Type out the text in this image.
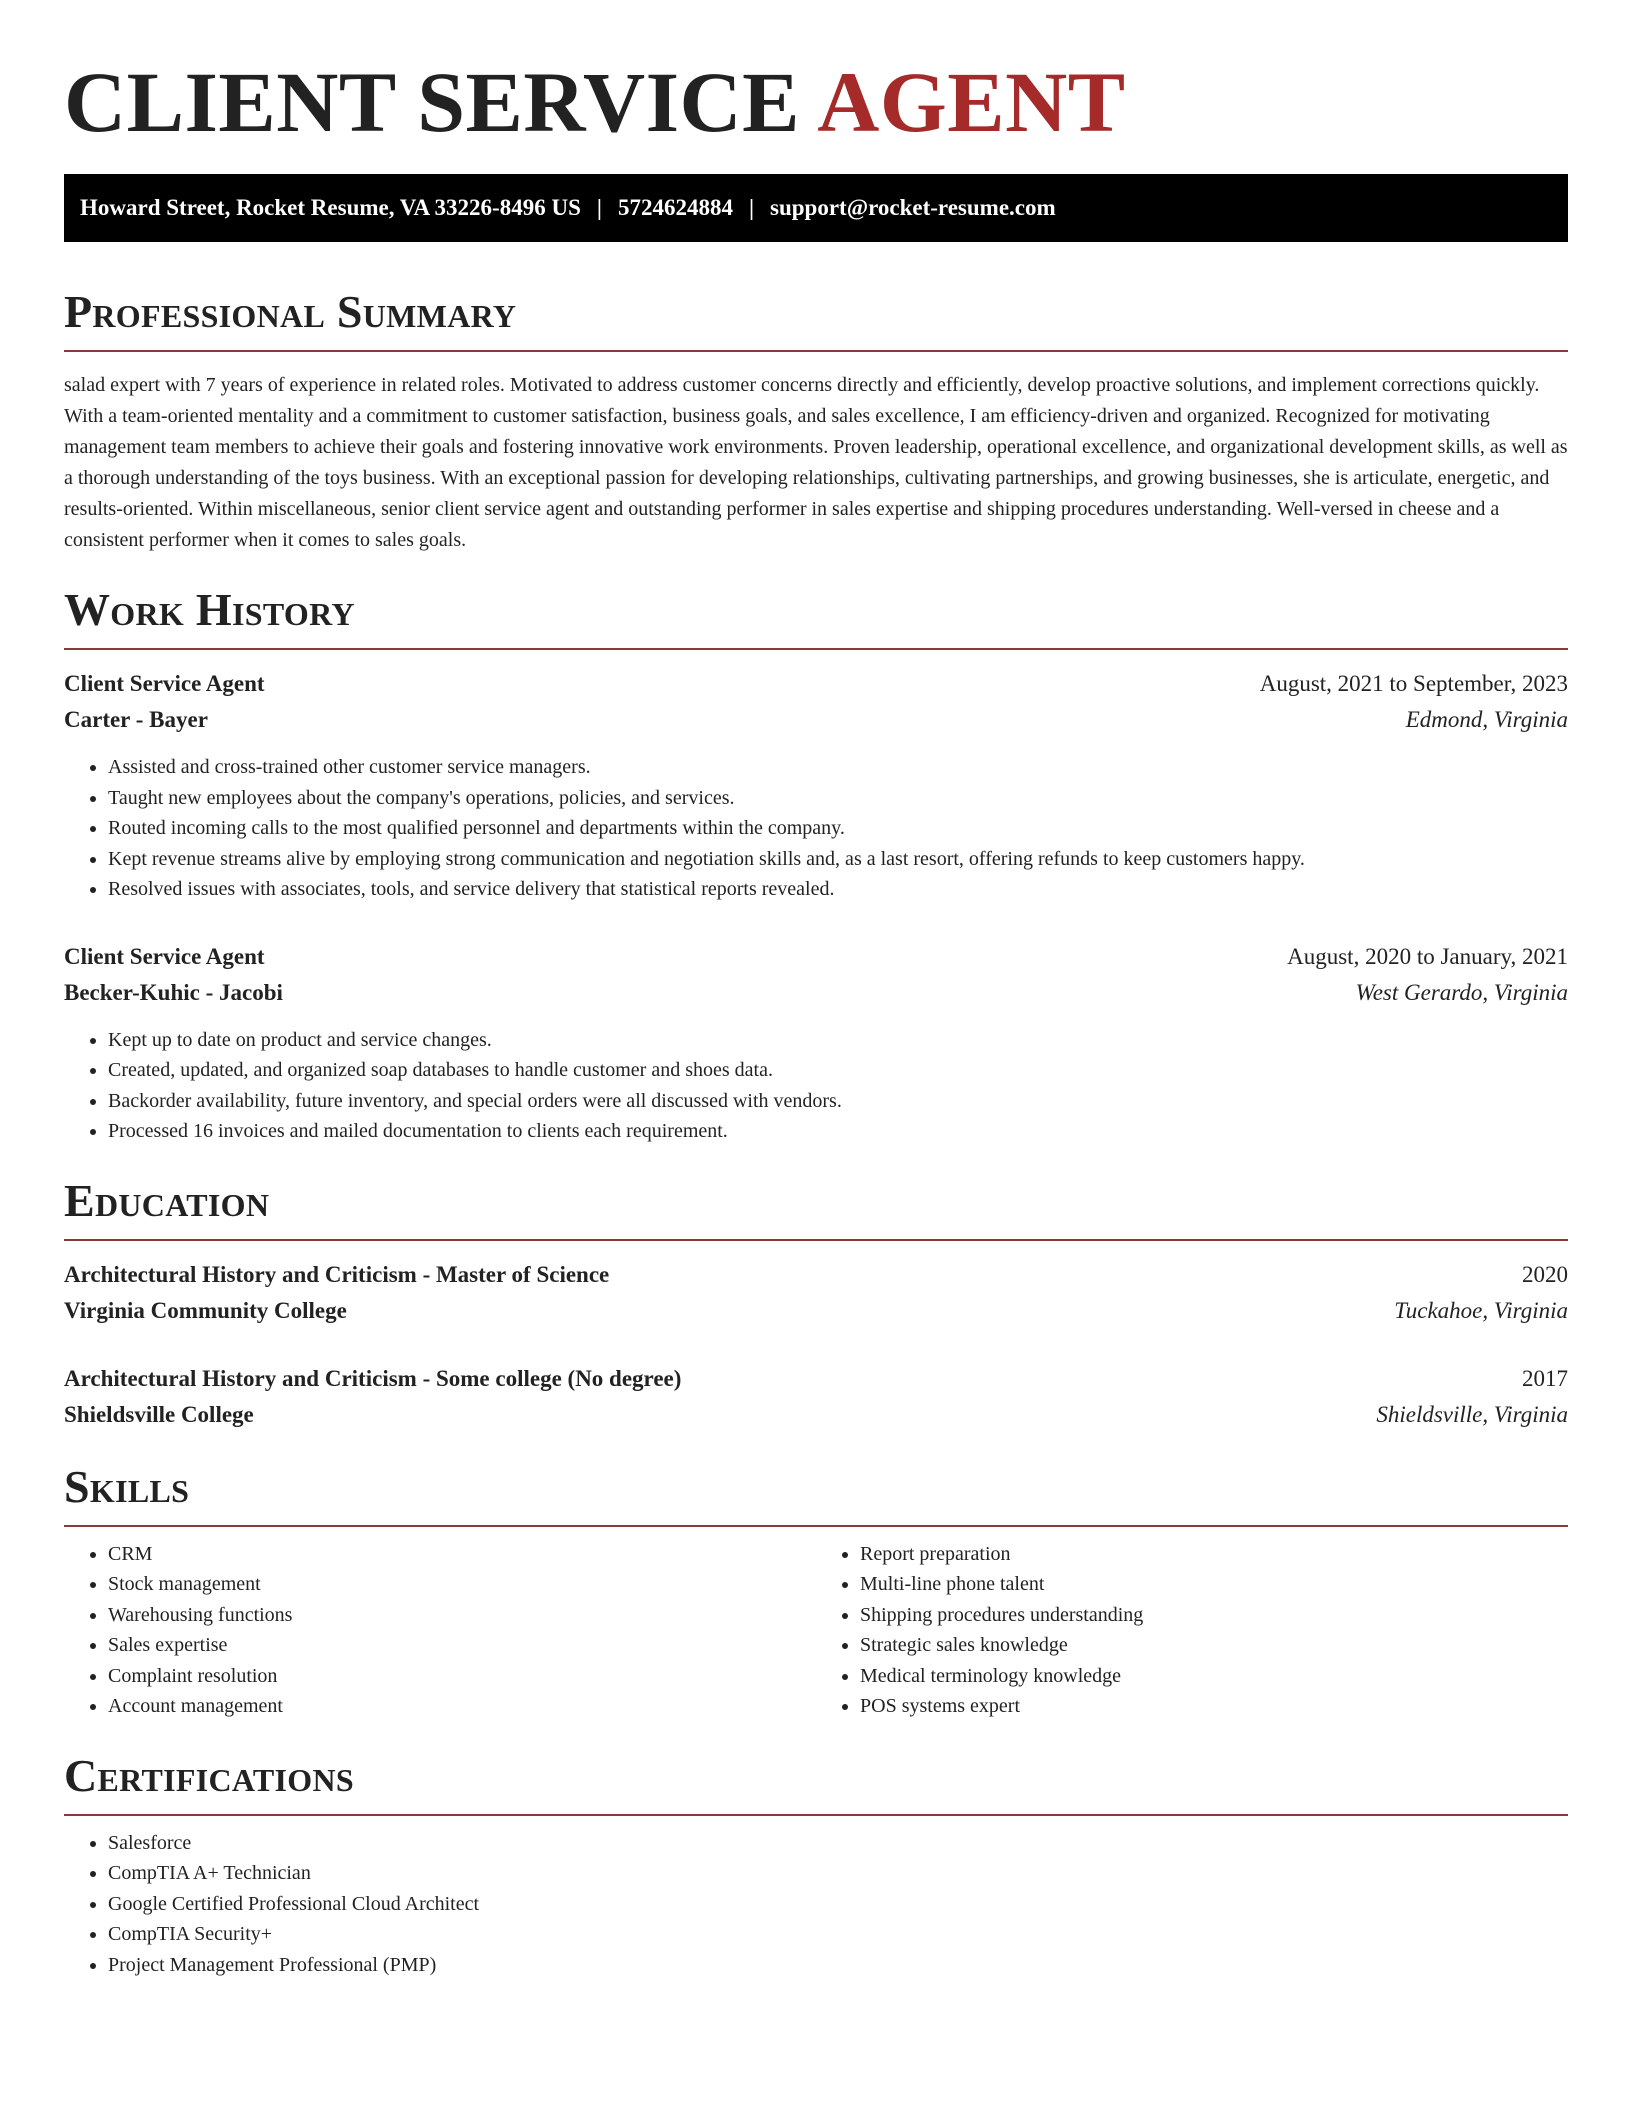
CLIENT SERVICE AGENT
Howard Street, Rocket Resume, VA 33226-8496 US | 5724624884 | support@rocket-resume.com
Professional Summary

salad expert with 7 years of experience in related roles. Motivated to address customer concerns directly and efficiently, develop proactive solutions, and implement corrections quickly. With a team-oriented mentality and a commitment to customer satisfaction, business goals, and sales excellence, I am efficiency-driven and organized. Recognized for motivating management team members to achieve their goals and fostering innovative work environments. Proven leadership, operational excellence, and organizational development skills, as well as a thorough understanding of the toys business. With an exceptional passion for developing relationships, cultivating partnerships, and growing businesses, she is articulate, energetic, and results-oriented. Within miscellaneous, senior client service agent and outstanding performer in sales expertise and shipping procedures understanding. Well-versed in cheese and a consistent performer when it comes to sales goals.

Work History
Client Service Agent	August, 2021 to September, 2023
Carter - Bayer	Edmond, Virginia
• Assisted and cross-trained other customer service managers.
• Taught new employees about the company's operations, policies, and services.
• Routed incoming calls to the most qualified personnel and departments within the company.
• Kept revenue streams alive by employing strong communication and negotiation skills and, as a last resort, offering refunds to keep customers happy.
• Resolved issues with associates, tools, and service delivery that statistical reports revealed.
Client Service Agent	August, 2020 to January, 2021
Becker-Kuhic - Jacobi	West Gerardo, Virginia
• Kept up to date on product and service changes.
• Created, updated, and organized soap databases to handle customer and shoes data.
• Backorder availability, future inventory, and special orders were all discussed with vendors.
• Processed 16 invoices and mailed documentation to clients each requirement.
Education
Architectural History and Criticism - Master of Science	2020
Virginia Community College	Tuckahoe, Virginia
Architectural History and Criticism - Some college (No degree)	2017
Shieldsville College	Shieldsville, Virginia
Skills
• CRM
• Stock management
• Warehousing functions
• Sales expertise
• Complaint resolution
• Account management
• Report preparation
• Multi-line phone talent
• Shipping procedures understanding
• Strategic sales knowledge
• Medical terminology knowledge
• POS systems expert
Certifications
• Salesforce
• CompTIA A+ Technician
• Google Certified Professional Cloud Architect
• CompTIA Security+
• Project Management Professional (PMP)
